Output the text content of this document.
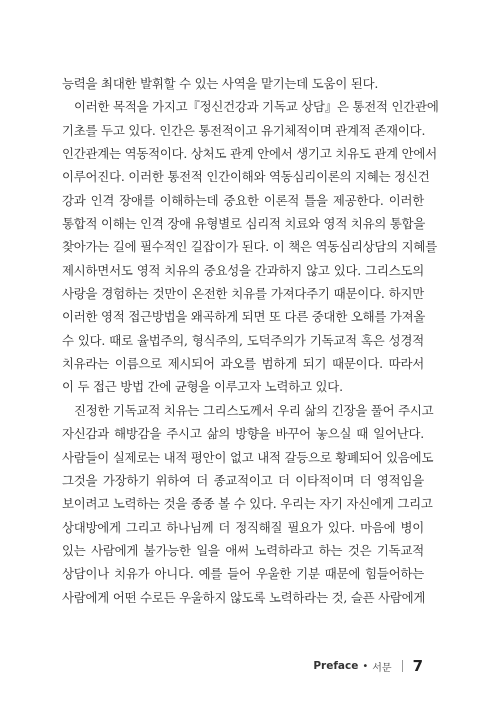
능력을 최대한 발휘할 수 있는 사역을 맡기는데 도움이 된다.
이러한 목적을 가지고『정신건강과 기독교 상담』은 통전적 인간관에
기초를 두고 있다. 인간은 통전적이고 유기체적이며 관계적 존재이다.
인간관계는 역동적이다. 상처도 관계 안에서 생기고 치유도 관계 안에서
이루어진다. 이러한 통전적 인간이해와 역동심리이론의 지혜는 정신건
강과 인격 장애를 이해하는데 중요한 이론적 틀을 제공한다. 이러한
통합적 이해는 인격 장애 유형별로 심리적 치료와 영적 치유의 통합을
찾아가는 길에 필수적인 길잡이가 된다. 이 책은 역동심리상담의 지혜를
제시하면서도 영적 치유의 중요성을 간과하지 않고 있다. 그리스도의
사랑을 경험하는 것만이 온전한 치유를 가져다주기 때문이다. 하지만
이러한 영적 접근방법을 왜곡하게 되면 또 다른 중대한 오해를 가져올
수 있다. 때로 율법주의, 형식주의, 도덕주의가 기독교적 혹은 성경적
치유라는 이름으로 제시되어 과오를 범하게 되기 때문이다. 따라서
이 두 접근 방법 간에 균형을 이루고자 노력하고 있다.
진정한 기독교적 치유는 그리스도께서 우리 삶의 긴장을 풀어 주시고
자신감과 해방감을 주시고 삶의 방향을 바꾸어 놓으실 때 일어난다.
사람들이 실제로는 내적 평안이 없고 내적 갈등으로 황폐되어 있음에도
그것을 가장하기 위하여 더 종교적이고 더 이타적이며 더 영적임을
보이려고 노력하는 것을 종종 볼 수 있다. 우리는 자기 자신에게 그리고
상대방에게 그리고 하나님께 더 정직해질 필요가 있다. 마음에 병이
있는 사람에게 불가능한 일을 애써 노력하라고 하는 것은 기독교적
상담이나 치유가 아니다. 예를 들어 우울한 기분 때문에 힘들어하는
사람에게 어떤 수로든 우울하지 않도록 노력하라는 것, 슬픈 사람에게
Preface • 서문 7
